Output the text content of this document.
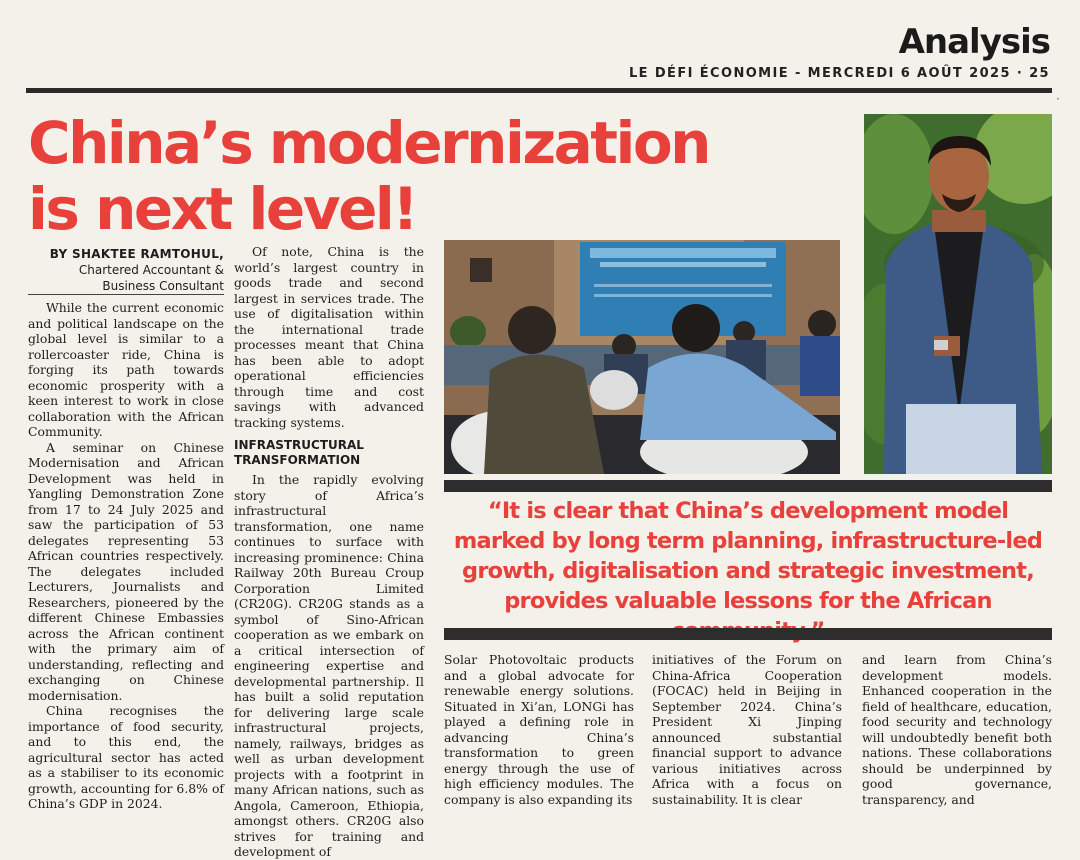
Analysis
LE DÉFI ÉCONOMIE - MERCREDI 6 AOÛT 2025 · 25
·
China’s modernization
is next level!
BY SHAKTEE RAMTOHUL,
Chartered Accountant & Business Consultant

While the current economic and political landscape on the global level is similar to a rollercoaster ride, China is forging its path towards economic prosperity with a keen interest to work in close collaboration with the African Community.

A seminar on Chinese Modernisation and African Development was held in Yangling Demonstration Zone from 17 to 24 July 2025 and saw the participation of 53 delegates representing 53 African countries respectively. The delegates included Lecturers, Journalists and Researchers, pioneered by the different Chinese Embassies across the African continent with the primary aim of understanding, reflecting and exchanging on Chinese modernisation.

China recognises the importance of food security, and to this end, the agricultural sector has acted as a stabiliser to its economic growth, accounting for 6.8% of China’s GDP in 2024.

Of note, China is the world’s largest country in goods trade and second largest in services trade. The use of digitalisation within the international trade processes meant that China has been able to adopt operational efficiencies through time and cost savings with advanced tracking systems.

INFRASTRUCTURAL TRANSFORMATION

In the rapidly evolving story of Africa’s infrastructural transformation, one name continues to surface with increasing prominence: China Railway 20th Bureau Croup Corporation Limited (CR20G). CR20G stands as a symbol of Sino-African cooperation as we embark on a critical intersection of engineering expertise and developmental partnership. Il has built a solid reputation for delivering large scale infrastructural projects, namely, railways, bridges as well as urban development projects with a footprint in many African nations, such as Angola, Cameroon, Ethiopia, amongst others. CR20G also strives for training and development of

“It is clear that China’s development model marked by long term planning, infrastructure-led growth, digitalisation and strategic investment, provides valuable lessons for the African

Solar Photovoltaic products and a global advocate for renewable energy solutions. Situated in Xi’an, LONGi has played a defining role in advancing China’s transformation to green energy through the use of high efficiency modules. The company is also expanding its

initiatives of the Forum on China-Africa Cooperation (FOCAC) held in Beijing in September 2024. China’s President Xi Jinping announced substantial financial support to advance various initiatives across Africa with a focus on sustainability. It is clear

and learn from China’s development models. Enhanced cooperation in the field of healthcare, education, food security and technology will undoubtedly benefit both nations. These collaborations should be underpinned by good governance, transparency, and
